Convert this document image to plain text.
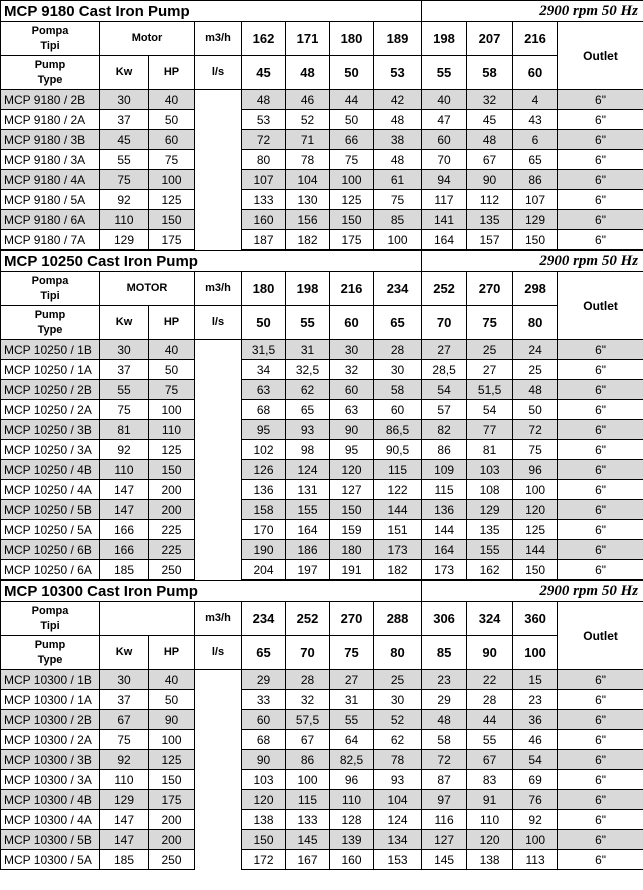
MCP 9180 Cast Iron Pump								2900 rpm 50 Hz			

Pompa
Tipi	Motor		m3/h	162	171	180	189	198	207	216	Outlet

Pump
Type	Kw	HP	l/s	45	48	50	53	55	58	60	
MCP 9180 / 2B	30	40		48	46	44	42	40	32	4	6"
MCP 9180 / 2A	37	50		53	52	50	48	47	45	43	6"
MCP 9180 / 3B	45	60		72	71	66	38	60	48	6	6"
MCP 9180 / 3A	55	75		80	78	75	48	70	67	65	6"
MCP 9180 / 4A	75	100		107	104	100	61	94	90	86	6"
MCP 9180 / 5A	92	125		133	130	125	75	117	112	107	6"
MCP 9180 / 6A	110	150		160	156	150	85	141	135	129	6"
MCP 9180 / 7A	129	175		187	182	175	100	164	157	150	6"
MCP 10250 Cast Iron Pump								2900 rpm 50 Hz			

Pompa
Tipi	MOTOR		m3/h	180	198	216	234	252	270	298	Outlet

Pump
Type	Kw	HP	l/s	50	55	60	65	70	75	80	
MCP 10250 / 1B	30	40		31,5	31	30	28	27	25	24	6"
MCP 10250 / 1A	37	50		34	32,5	32	30	28,5	27	25	6"
MCP 10250 / 2B	55	75		63	62	60	58	54	51,5	48	6"
MCP 10250 / 2A	75	100		68	65	63	60	57	54	50	6"
MCP 10250 / 3B	81	110		95	93	90	86,5	82	77	72	6"
MCP 10250 / 3A	92	125		102	98	95	90,5	86	81	75	6"
MCP 10250 / 4B	110	150		126	124	120	115	109	103	96	6"
MCP 10250 / 4A	147	200		136	131	127	122	115	108	100	6"
MCP 10250 / 5B	147	200		158	155	150	144	136	129	120	6"
MCP 10250 / 5A	166	225		170	164	159	151	144	135	125	6"
MCP 10250 / 6B	166	225		190	186	180	173	164	155	144	6"
MCP 10250 / 6A	185	250		204	197	191	182	173	162	150	6"
MCP 10300 Cast Iron Pump								2900 rpm 50 Hz			

Pompa
Tipi			m3/h	234	252	270	288	306	324	360	Outlet

Pump
Type	Kw	HP	l/s	65	70	75	80	85	90	100	
MCP 10300 / 1B	30	40		29	28	27	25	23	22	15	6"
MCP 10300 / 1A	37	50		33	32	31	30	29	28	23	6"
MCP 10300 / 2B	67	90		60	57,5	55	52	48	44	36	6"
MCP 10300 / 2A	75	100		68	67	64	62	58	55	46	6"
MCP 10300 / 3B	92	125		90	86	82,5	78	72	67	54	6"
MCP 10300 / 3A	110	150		103	100	96	93	87	83	69	6"
MCP 10300 / 4B	129	175		120	115	110	104	97	91	76	6"
MCP 10300 / 4A	147	200		138	133	128	124	116	110	92	6"
MCP 10300 / 5B	147	200		150	145	139	134	127	120	100	6"
MCP 10300 / 5A	185	250		172	167	160	153	145	138	113	6"
